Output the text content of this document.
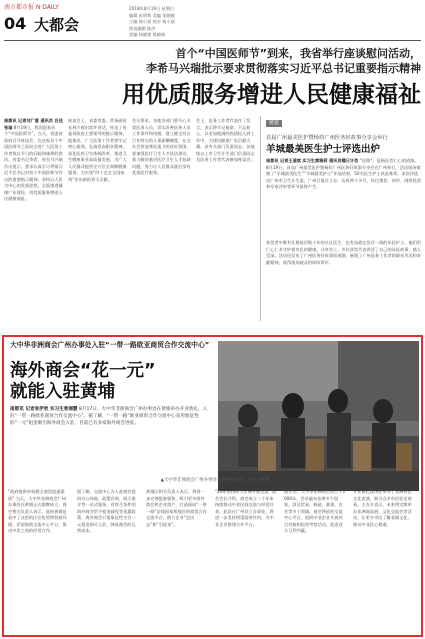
南方都市报 N·DAILY
04 大都会
2018年8月19日 星期日
编辑 彭明隽 美编 邹媛媛
主编 杨小丽 校对 杨小丽
图表编辑 陈洪
美编 林晓俊 陈晓萌
首个“中国医师节”到来，我省举行座谈慰问活动，
李希马兴瑞批示要求贯彻落实习近平总书记重要指示精神
用优质服务增进人民健康福祉
南都讯 记者刘广喜 通讯员 吕佳 张瑜 8月19日，我国迎来首个“中国医师节”。当天，省委省政府召开座谈会，在庆祝首个中国医师节之际向全省广大医务工作者致以节日的问候和诚挚的慰问。省委书记李希、省长马兴瑞作出批示，要求认真学习贯彻习近平总书记对首个中国医师节作出的重要指示精神，坚持以人民为中心的发展思想，全面推进健康广东建设，用优质服务增进人民健康福祉。
座谈会上，省委常委、常务副省长林少春出席并讲话，传达了省委省政府主要领导的批示精神。他指出，广大医务工作者要牢记初心使命，弘扬崇高职业精神，深化医药卫生体制改革，推进卫生健康事业高质量发展，为广大人民群众提供全方位全周期健康服务，为实现“四个走在全国前列”作出新的更大贡献。
会议要求，各地各部门要关心关爱医务人员，切实改善医务人员工作条件和待遇，建立健全符合行业特点的人事薪酬制度，在全社会营造尊医重卫的良好氛围。要加强医疗卫生人才队伍建设，着力解决基层医疗卫生人才短缺问题，努力让人民群众就近享有优质医疗服务。
会上，医务工作者代表作了发言，表示将牢记使命，不忘初心，以更加饱满的热情投入到工作中，为建设健康广东贡献力量。省有关部门负责同志、各地级以上市卫生计生部门负责同志及医务工作者代表参加座谈会。
链接
首届广州最美医护暨杨幼广州医务好故事分享会举行
羊城最美医生护士评选出炉
南都讯 记者王道斌 实习生黄雅莉 通讯员曝日计咨 “医路”，是指医者仁心的道路。8月19日，首届广州最美医护暨杨幼广州医务好故事分享会在广州举行，活动现场揭晓了“羊城最美医生”“羊城最美护士”评选结果，50名医生护士获此殊荣。本次评选由广州市卫生计生委、广州日报社主办，历时两个多月，经过推荐、初评、网络投票和专家评审等环节最终产生。
获奖者中既有扎根基层数十年的社区医生，也有奋战在急诊一线的年轻护士，他们用仁心仁术守护着市民的健康。分享会上，多位获奖代表讲述了自己的从医故事，感人至深。活动还发布了广州医务好故事短视频，展现了广州医务工作者的职业风采和奉献精神，获得现场观众的阵阵掌声。
大中华非洲商会广州办事处入驻“一带一路欧亚商贸合作交流中心”
海外商会“花一元”
就能入驻黄埔
南都讯 记者张伊欣 实习生曾湘慧 8月17日，大中华非洲商会广州办事处在黄埔举办开业典礼，入驻“一带一路欧亚商贸合作交流中心”。据了解，“一带一路”欧亚商贸合作交流中心采用象征性的“一元”租金吸引海外商会入驻，目前已有多家海外商会进驻。
▲大中华非洲商会广州办事处开业典礼现场。主办方供图
“政府提供补贴健全商贸流通渠道” 当天，大中华非洲商会广州办事处在黄埔正式揭牌成立。商会相关负责人表示，选择黄埔是看中了这里的区位优势和营商环境，希望借助交流中心平台，推动中非之间的经贸合作。
据了解，交流中心为入驻商会提供办公场地、政策咨询、展示推介等一站式服务，对符合条件的海外商会给予租金减免等优惠政策，海外商会只需象征性支付一元租金即可入驻，降低商会的运营成本。
黄埔区相关负责人表示，将进一步完善配套服务，吸引更多海外商会和企业落户，打造面向“一带一路”沿线国家和地区的商贸合作交流平台，助力企业“走出去”和“引进来”。
“20年来持续与非洲开展交流” 商会会长介绍，商会成立二十年来持续推动中非民间交流与经贸往来，此次在广州设立办事处，将进一步发挥桥梁纽带作用，为中非企业搭建合作平台。
据介绍，大中华非洲商会成立于2000年，会员遍布非洲多个国家，涉及贸易、制造、基建、农业等多个领域。商会将依托交流中心平台，组织中非企业开展项目对接和投资考察活动，促进双方互利共赢。
开业典礼现场还举办了非洲特色文化表演，吸引众多市民驻足观看。主办方表示，未来将定期举办非洲商品展、文化交流会等活动，让更多市民了解非洲文化，推动中非民心相通。
